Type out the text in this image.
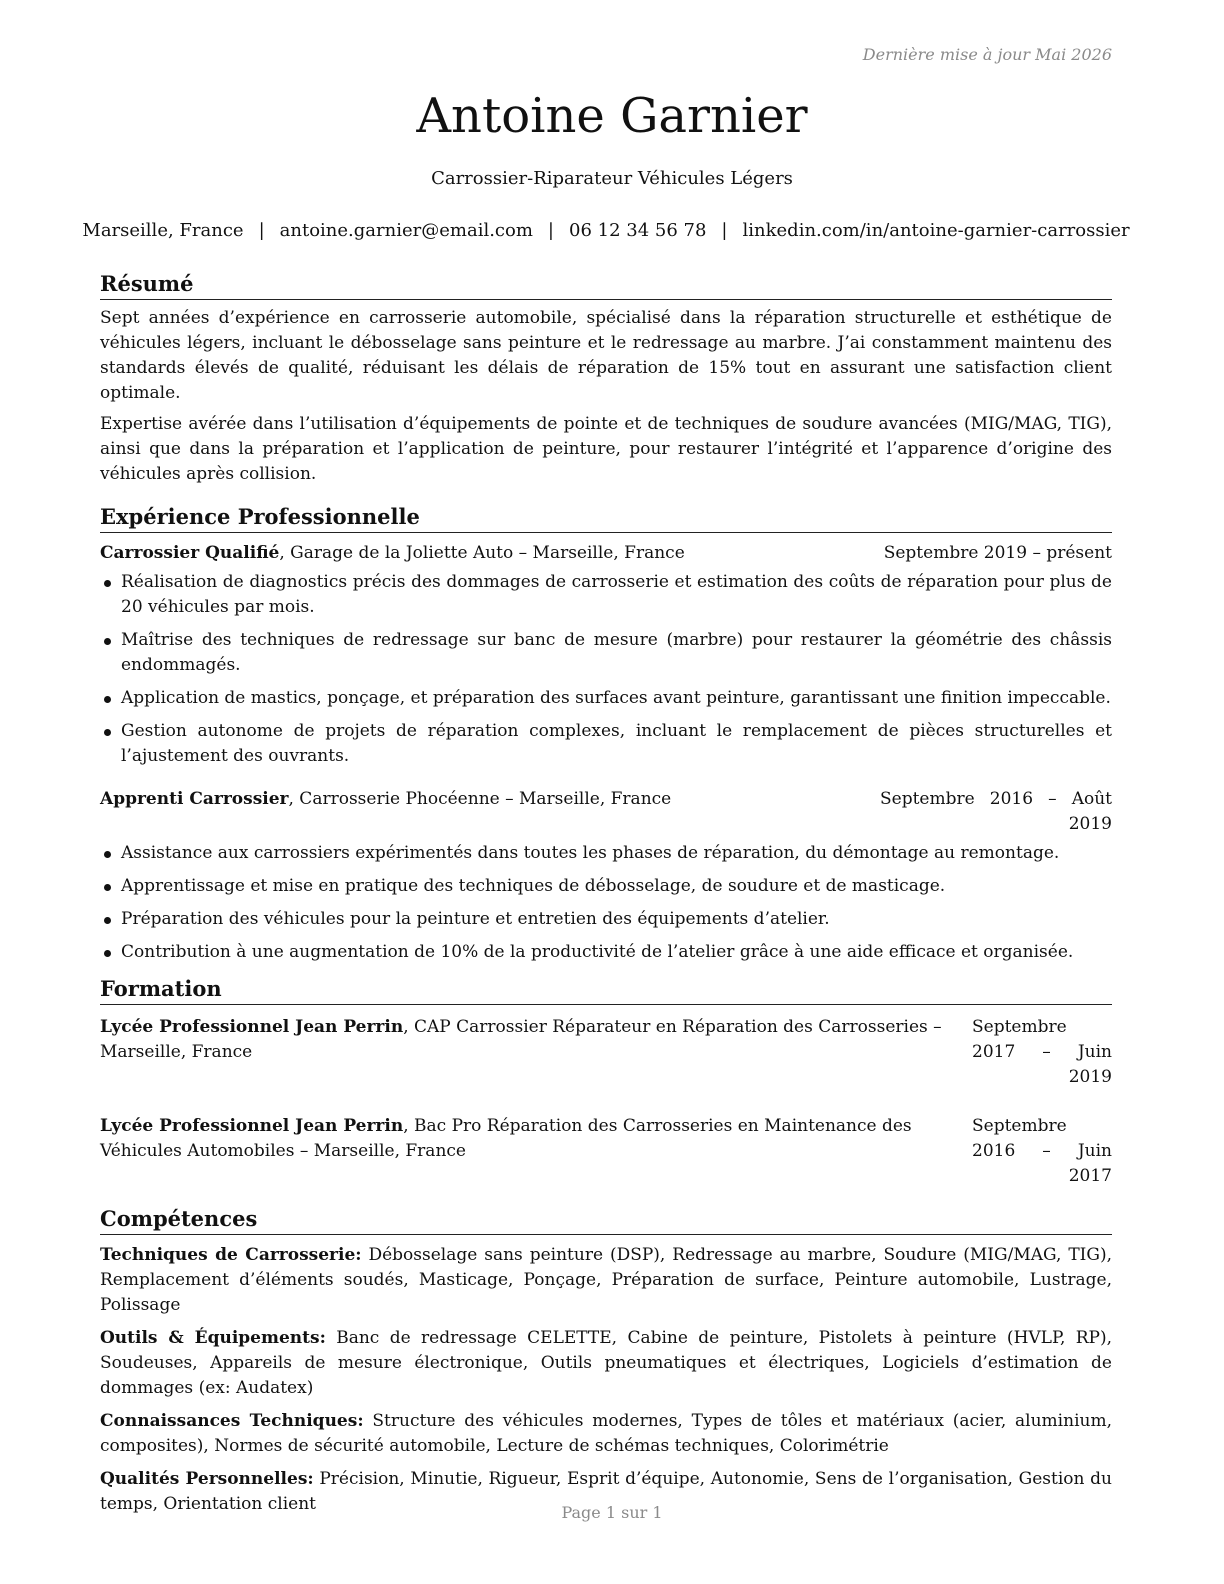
Dernière mise à jour Mai 2026
Antoine Garnier
Carrossier-Riparateur Véhicules Légers
Marseille, France | antoine.garnier@email.com | 06 12 34 56 78 | linkedin.com/in/antoine-garnier-carrossier
Résumé

Sept années d’expérience en carrosserie automobile, spécialisé dans la réparation structurelle et esthétique de véhicules légers, incluant le débosselage sans peinture et le redressage au marbre. J’ai constamment maintenu des standards élevés de qualité, réduisant les délais de réparation de 15% tout en assurant une satisfaction client optimale.

Expertise avérée dans l’utilisation d’équipements de pointe et de techniques de soudure avancées (MIG/MAG, TIG), ainsi que dans la préparation et l’application de peinture, pour restaurer l’intégrité et l’apparence d’origine des véhicules après collision.

Expérience Professionnelle
Carrossier Qualifié, Garage de la Joliette Auto – Marseille, France	Septembre 2019 – présent
Réalisation de diagnostics précis des dommages de carrosserie et estimation des coûts de réparation pour plus de 20 véhicules par mois.
Maîtrise des techniques de redressage sur banc de mesure (marbre) pour restaurer la géométrie des châssis endommagés.
Application de mastics, ponçage, et préparation des surfaces avant peinture, garantissant une finition impeccable.
Gestion autonome de projets de réparation complexes, incluant le remplacement de pièces structurelles et l’ajustement des ouvrants.
Apprenti Carrossier, Carrosserie Phocéenne – Marseille, France	Septembre 2016 – Août 2019
Assistance aux carrossiers expérimentés dans toutes les phases de réparation, du démontage au remontage.
Apprentissage et mise en pratique des techniques de débosselage, de soudure et de masticage.
Préparation des véhicules pour la peinture et entretien des équipements d’atelier.
Contribution à une augmentation de 10% de la productivité de l’atelier grâce à une aide efficace et organisée.
Formation
Lycée Professionnel Jean Perrin, CAP Carrossier Réparateur en Réparation des Carrosseries – Marseille, France
Septembre 2017 – Juin 2019
Lycée Professionnel Jean Perrin, Bac Pro Réparation des Carrosseries en Maintenance des Véhicules Automobiles – Marseille, France
Septembre 2016 – Juin 2017
Compétences
Techniques de Carrosserie: Débosselage sans peinture (DSP), Redressage au marbre, Soudure (MIG/MAG, TIG), Remplacement d’éléments soudés, Masticage, Ponçage, Préparation de surface, Peinture automobile, Lustrage, Polissage
Outils & Équipements: Banc de redressage CELETTE, Cabine de peinture, Pistolets à peinture (HVLP, RP), Soudeuses, Appareils de mesure électronique, Outils pneumatiques et électriques, Logiciels d’estimation de dommages (ex: Audatex)
Connaissances Techniques: Structure des véhicules modernes, Types de tôles et matériaux (acier, aluminium, composites), Normes de sécurité automobile, Lecture de schémas techniques, Colorimétrie
Qualités Personnelles: Précision, Minutie, Rigueur, Esprit d’équipe, Autonomie, Sens de l’organisation, Gestion du temps, Orientation client	Page 1 sur 1
